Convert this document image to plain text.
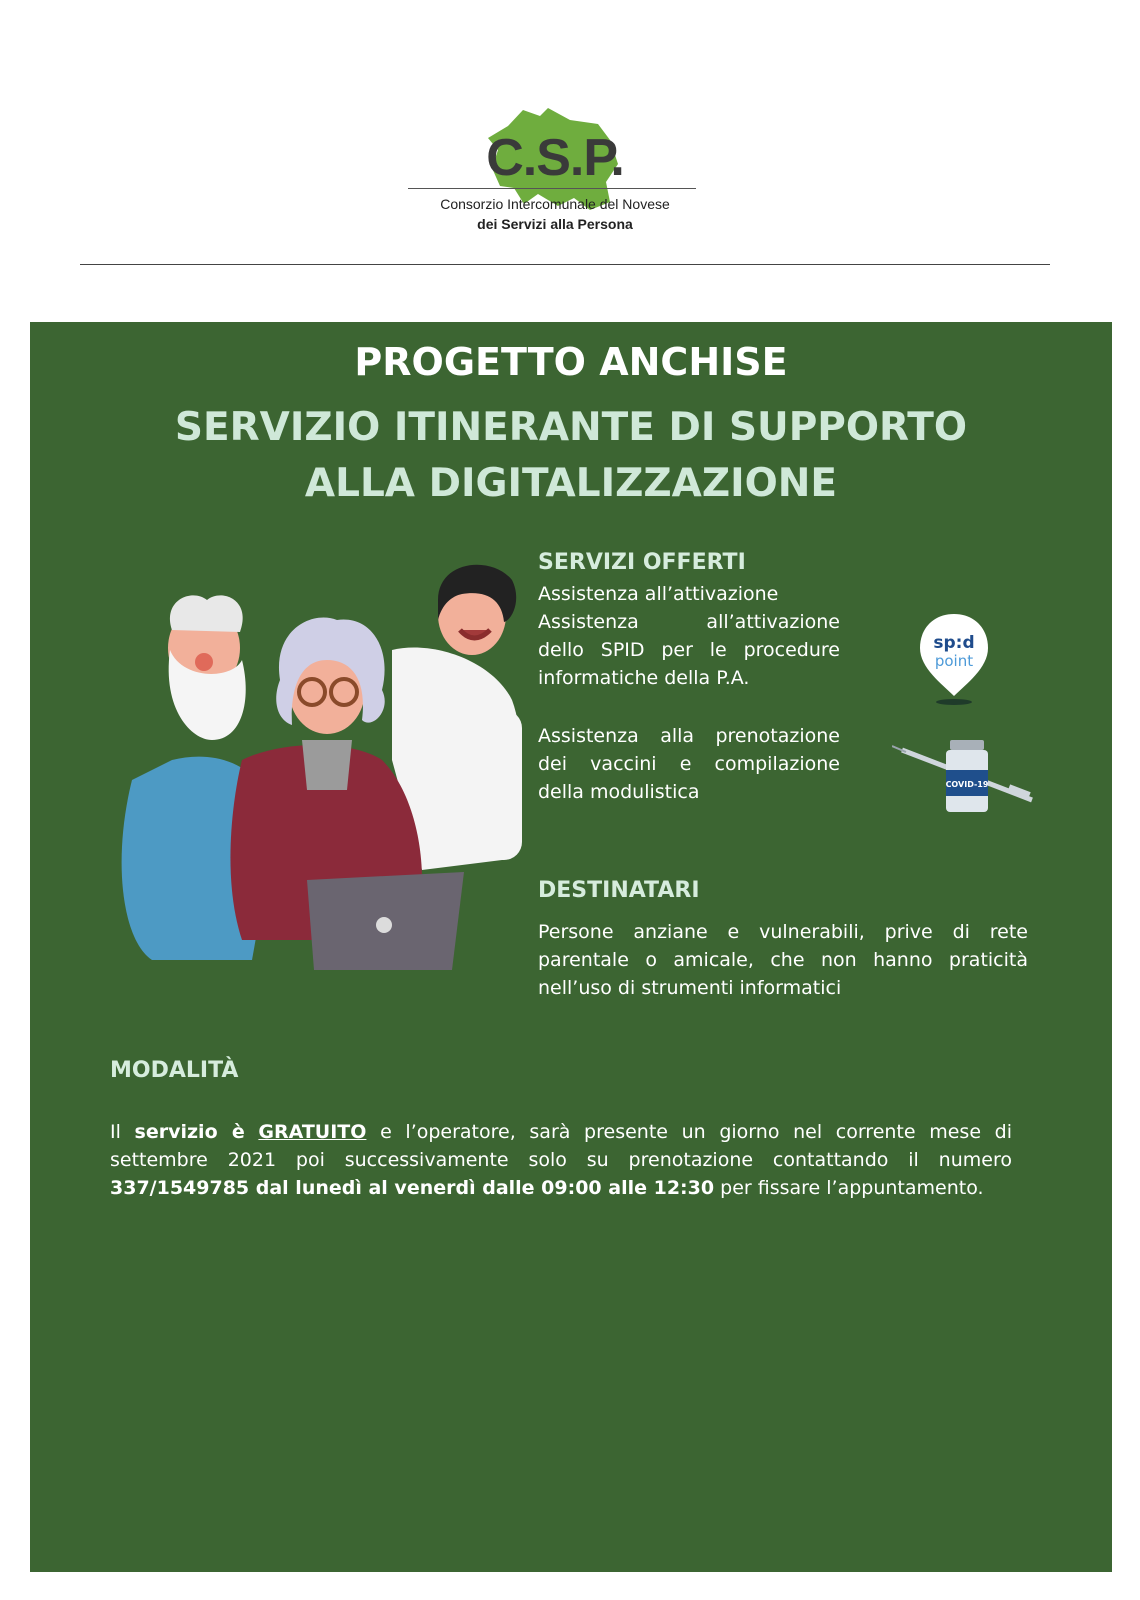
C.S.P.
Consorzio Intercomunale del Novese
dei Servizi alla Persona
PROGETTO ANCHISE
SERVIZIO ITINERANTE DI SUPPORTO
ALLA DIGITALIZZAZIONE
SERVIZI OFFERTI
Assistenza all’attivazione
Assistenza all’attivazione
dello SPID per le procedure
informatiche della P.A.
Assistenza alla prenotazione
dei vaccini e compilazione
della modulistica
sp:d
point
COVID-19
DESTINATARI
Persone anziane e vulnerabili, prive di rete
parentale o amicale, che non hanno praticità
nell’uso di strumenti informatici
MODALITÀ
Il servizio è GRATUITO e l’operatore, sarà presente un giorno nel corrente mese di settembre 2021 poi successivamente solo su prenotazione contattando il numero 337/1549785 dal lunedì al venerdì dalle 09:00 alle 12:30 per fissare l’appuntamento.
